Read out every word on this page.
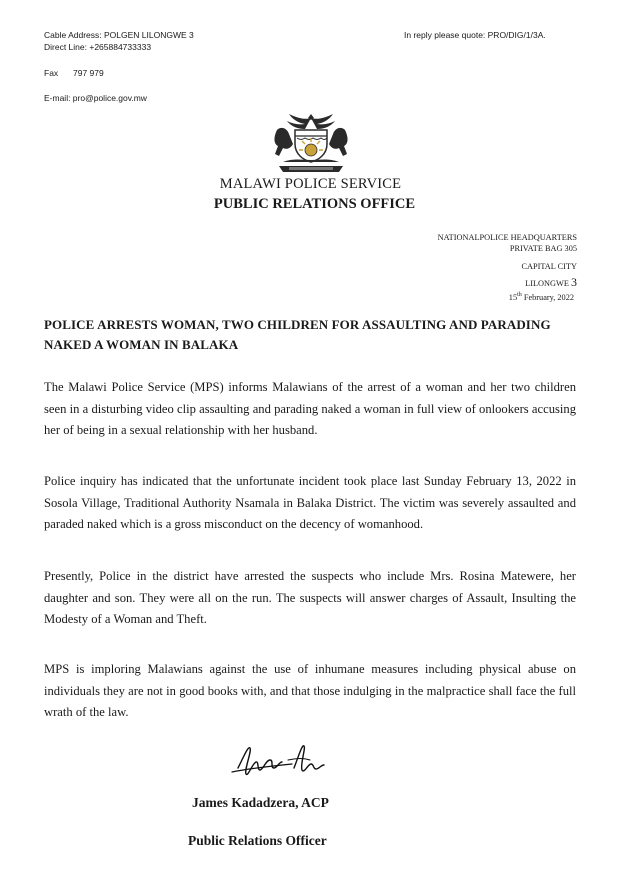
Cable Address: POLGEN LILONGWE 3
Direct Line: +265884733333
Fax 797 979
E-mail: pro@police.gov.mw
In reply please quote: PRO/DIG/1/3A.
MALAWI POLICE SERVICE
PUBLIC RELATIONS OFFICE
NATIONALPOLICE HEADQUARTERS
PRIVATE BAG 305
CAPITAL CITY
LILONGWE 3
15th February, 2022
POLICE ARRESTS WOMAN, TWO CHILDREN FOR ASSAULTING AND PARADING
NAKED A WOMAN IN BALAKA
The Malawi Police Service (MPS) informs Malawians of the arrest of a woman and her two children seen in a disturbing video clip assaulting and parading naked a woman in full view of onlookers accusing her of being in a sexual relationship with her husband.
Police inquiry has indicated that the unfortunate incident took place last Sunday February 13, 2022 in Sosola Village, Traditional Authority Nsamala in Balaka District. The victim was severely assaulted and paraded naked which is a gross misconduct on the decency of womanhood.
Presently, Police in the district have arrested the suspects who include Mrs. Rosina Matewere, her daughter and son. They were all on the run. The suspects will answer charges of Assault, Insulting the Modesty of a Woman and Theft.
MPS is imploring Malawians against the use of inhumane measures including physical abuse on individuals they are not in good books with, and that those indulging in the malpractice shall face the full wrath of the law.
James Kadadzera, ACP
Public Relations Officer
